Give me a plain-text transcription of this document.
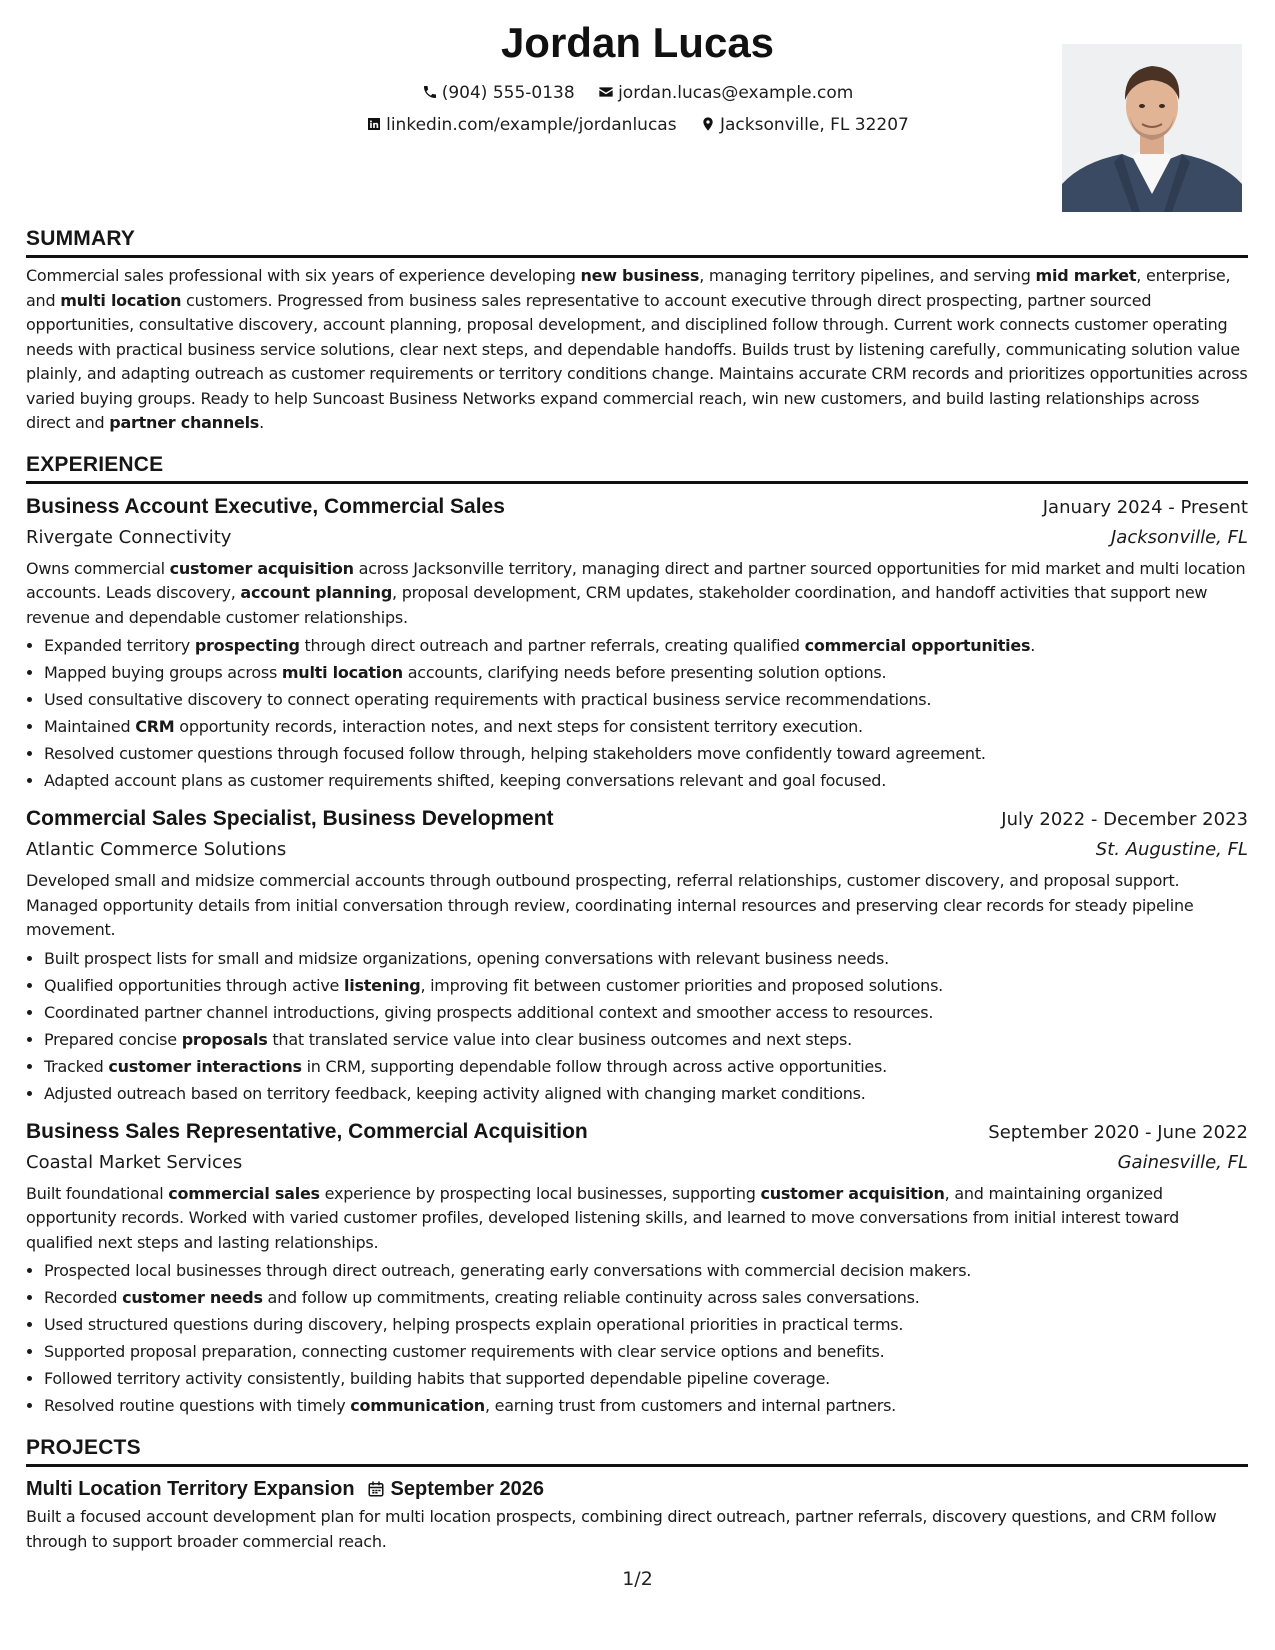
Jordan Lucas
(904) 555-0138	jordan.lucas@example.com
linkedin.com/example/jordanlucas	Jacksonville, FL 32207
SUMMARY

Commercial sales professional with six years of experience developing new business, managing territory pipelines, and serving mid market, enterprise, and multi location customers. Progressed from business sales representative to account executive through direct prospecting, partner sourced opportunities, consultative discovery, account planning, proposal development, and disciplined follow through. Current work connects customer operating needs with practical business service solutions, clear next steps, and dependable handoffs. Builds trust by listening carefully, communicating solution value plainly, and adapting outreach as customer requirements or territory conditions change. Maintains accurate CRM records and prioritizes opportunities across varied buying groups. Ready to help Suncoast Business Networks expand commercial reach, win new customers, and build lasting relationships across direct and partner channels.

EXPERIENCE
Business Account Executive, Commercial Sales	January 2024 - Present
Rivergate Connectivity	Jacksonville, FL

Owns commercial customer acquisition across Jacksonville territory, managing direct and partner sourced opportunities for mid market and multi location accounts. Leads discovery, account planning, proposal development, CRM updates, stakeholder coordination, and handoff activities that support new revenue and dependable customer relationships.

• Expanded territory prospecting through direct outreach and partner referrals, creating qualified commercial opportunities.
• Mapped buying groups across multi location accounts, clarifying needs before presenting solution options.
• Used consultative discovery to connect operating requirements with practical business service recommendations.
• Maintained CRM opportunity records, interaction notes, and next steps for consistent territory execution.
• Resolved customer questions through focused follow through, helping stakeholders move confidently toward agreement.
• Adapted account plans as customer requirements shifted, keeping conversations relevant and goal focused.
Commercial Sales Specialist, Business Development	July 2022 - December 2023
Atlantic Commerce Solutions	St. Augustine, FL

Developed small and midsize commercial accounts through outbound prospecting, referral relationships, customer discovery, and proposal support. Managed opportunity details from initial conversation through review, coordinating internal resources and preserving clear records for steady pipeline movement.

• Built prospect lists for small and midsize organizations, opening conversations with relevant business needs.
• Qualified opportunities through active listening, improving fit between customer priorities and proposed solutions.
• Coordinated partner channel introductions, giving prospects additional context and smoother access to resources.
• Prepared concise proposals that translated service value into clear business outcomes and next steps.
• Tracked customer interactions in CRM, supporting dependable follow through across active opportunities.
• Adjusted outreach based on territory feedback, keeping activity aligned with changing market conditions.
Business Sales Representative, Commercial Acquisition	September 2020 - June 2022
Coastal Market Services	Gainesville, FL

Built foundational commercial sales experience by prospecting local businesses, supporting customer acquisition, and maintaining organized opportunity records. Worked with varied customer profiles, developed listening skills, and learned to move conversations from initial interest toward qualified next steps and lasting relationships.

• Prospected local businesses through direct outreach, generating early conversations with commercial decision makers.
• Recorded customer needs and follow up commitments, creating reliable continuity across sales conversations.
• Used structured questions during discovery, helping prospects explain operational priorities in practical terms.
• Supported proposal preparation, connecting customer requirements with clear service options and benefits.
• Followed territory activity consistently, building habits that supported dependable pipeline coverage.
• Resolved routine questions with timely communication, earning trust from customers and internal partners.
PROJECTS
Multi Location Territory Expansion September 2026

Built a focused account development plan for multi location prospects, combining direct outreach, partner referrals, discovery questions, and CRM follow through to support broader commercial reach.

1/2
